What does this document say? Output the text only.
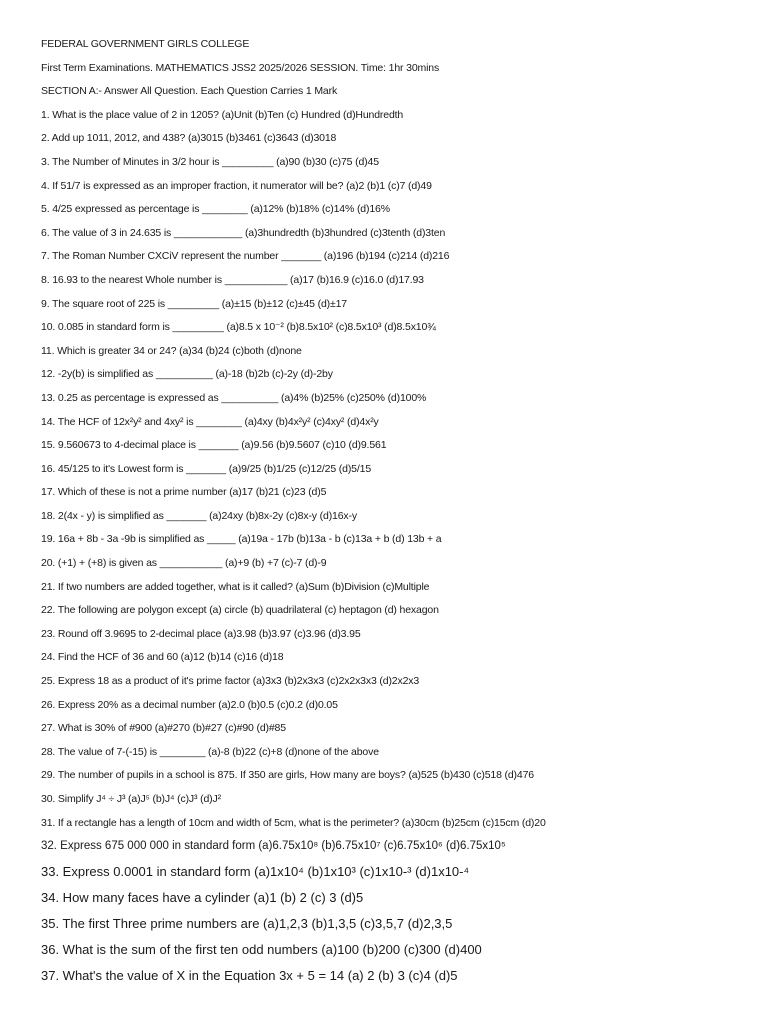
FEDERAL GOVERNMENT GIRLS COLLEGE
First Term Examinations. MATHEMATICS JSS2 2025/2026 SESSION. Time: 1hr 30mins
SECTION A:- Answer All Question. Each Question Carries 1 Mark
1. What is the place value of 2 in 1205? (a)Unit (b)Ten (c) Hundred (d)Hundredth
2. Add up 1011, 2012, and 438? (a)3015 (b)3461 (c)3643 (d)3018
3. The Number of Minutes in 3/2 hour is _________ (a)90 (b)30 (c)75 (d)45
4. If 51/7 is expressed as an improper fraction, it numerator will be? (a)2 (b)1 (c)7 (d)49
5. 4/25 expressed as percentage is ________ (a)12% (b)18% (c)14% (d)16%
6. The value of 3 in 24.635 is ____________ (a)3hundredth (b)3hundred (c)3tenth (d)3ten
7. The Roman Number CXCiV represent the number _______ (a)196 (b)194 (c)214 (d)216
8. 16.93 to the nearest Whole number is ___________ (a)17 (b)16.9 (c)16.0 (d)17.93
9. The square root of 225 is _________ (a)±15 (b)±12 (c)±45 (d)±17
10. 0.085 in standard form is _________ (a)8.5 x 10⁻² (b)8.5x10² (c)8.5x10³ (d)8.5x10¾
11. Which is greater 34 or 24? (a)34 (b)24 (c)both (d)none
12. -2y(b) is simplified as __________ (a)-18 (b)2b (c)-2y (d)-2by
13. 0.25 as percentage is expressed as __________ (a)4% (b)25% (c)250% (d)100%
14. The HCF of 12x²y² and 4xy² is ________ (a)4xy (b)4x²y² (c)4xy² (d)4x²y
15. 9.560673 to 4-decimal place is _______ (a)9.56 (b)9.5607 (c)10 (d)9.561
16. 45/125 to it's Lowest form is _______ (a)9/25 (b)1/25 (c)12/25 (d)5/15
17. Which of these is not a prime number (a)17 (b)21 (c)23 (d)5
18. 2(4x - y) is simplified as _______ (a)24xy (b)8x-2y (c)8x-y (d)16x-y
19. 16a + 8b - 3a -9b is simplified as _____ (a)19a - 17b (b)13a - b (c)13a + b (d) 13b + a
20. (+1) + (+8) is given as ___________ (a)+9 (b) +7 (c)-7 (d)-9
21. If two numbers are added together, what is it called? (a)Sum (b)Division (c)Multiple
22. The following are polygon except (a) circle (b) quadrilateral (c) heptagon (d) hexagon
23. Round off 3.9695 to 2-decimal place (a)3.98 (b)3.97 (c)3.96 (d)3.95
24. Find the HCF of 36 and 60 (a)12 (b)14 (c)16 (d)18
25. Express 18 as a product of it's prime factor (a)3x3 (b)2x3x3 (c)2x2x3x3 (d)2x2x3
26. Express 20% as a decimal number (a)2.0 (b)0.5 (c)0.2 (d)0.05
27. What is 30% of #900 (a)#270 (b)#27 (c)#90 (d)#85
28. The value of 7-(-15) is ________ (a)-8 (b)22 (c)+8 (d)none of the above
29. The number of pupils in a school is 875. If 350 are girls, How many are boys? (a)525 (b)430 (c)518 (d)476
30. Simplify J⁴ ÷ J³ (a)J⁵ (b)J⁴ (c)J³ (d)J²
31. If a rectangle has a length of 10cm and width of 5cm, what is the perimeter? (a)30cm (b)25cm (c)15cm (d)20
32. Express 675 000 000 in standard form (a)6.75x10⁸ (b)6.75x10⁷ (c)6.75x10⁶ (d)6.75x10⁵
33. Express 0.0001 in standard form (a)1x10⁴ (b)1x10³ (c)1x10-³ (d)1x10-⁴
34. How many faces have a cylinder (a)1 (b) 2 (c) 3 (d)5
35. The first Three prime numbers are (a)1,2,3 (b)1,3,5 (c)3,5,7 (d)2,3,5
36. What is the sum of the first ten odd numbers (a)100 (b)200 (c)300 (d)400
37. What's the value of X in the Equation 3x + 5 = 14 (a) 2 (b) 3 (c)4 (d)5
